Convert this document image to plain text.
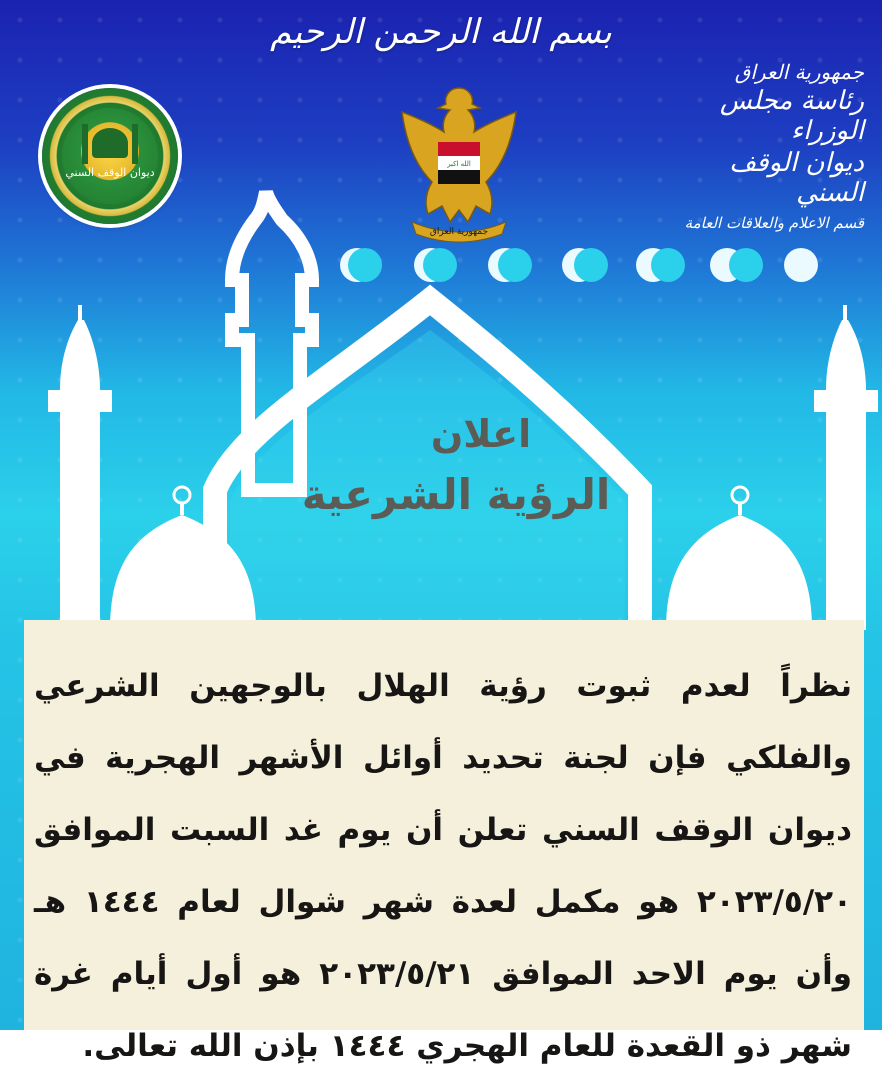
بسم الله الرحمن الرحيم
ديوان الوقف السني
الله اكبر
جمهورية العراق
جمهورية العراق
رئاسة مجلس الوزراء
ديوان الوقف السني
قسم الاعلام والعلاقات العامة
اعلان
الرؤية الشرعية
نظراً لعدم ثبوت رؤية الهلال بالوجهين الشرعي والفلكي فإن لجنة تحديد أوائل الأشهر الهجرية في ديوان الوقف السني تعلن أن يوم غد السبت الموافق ٢٠٢٣/٥/٢٠ هو مكمل لعدة شهر شوال لعام ١٤٤٤ هـ وأن يوم الاحد الموافق ٢٠٢٣/٥/٢١ هو أول أيام غرة شهر ذو القعدة للعام الهجري ١٤٤٤ بإذن الله تعالى.
